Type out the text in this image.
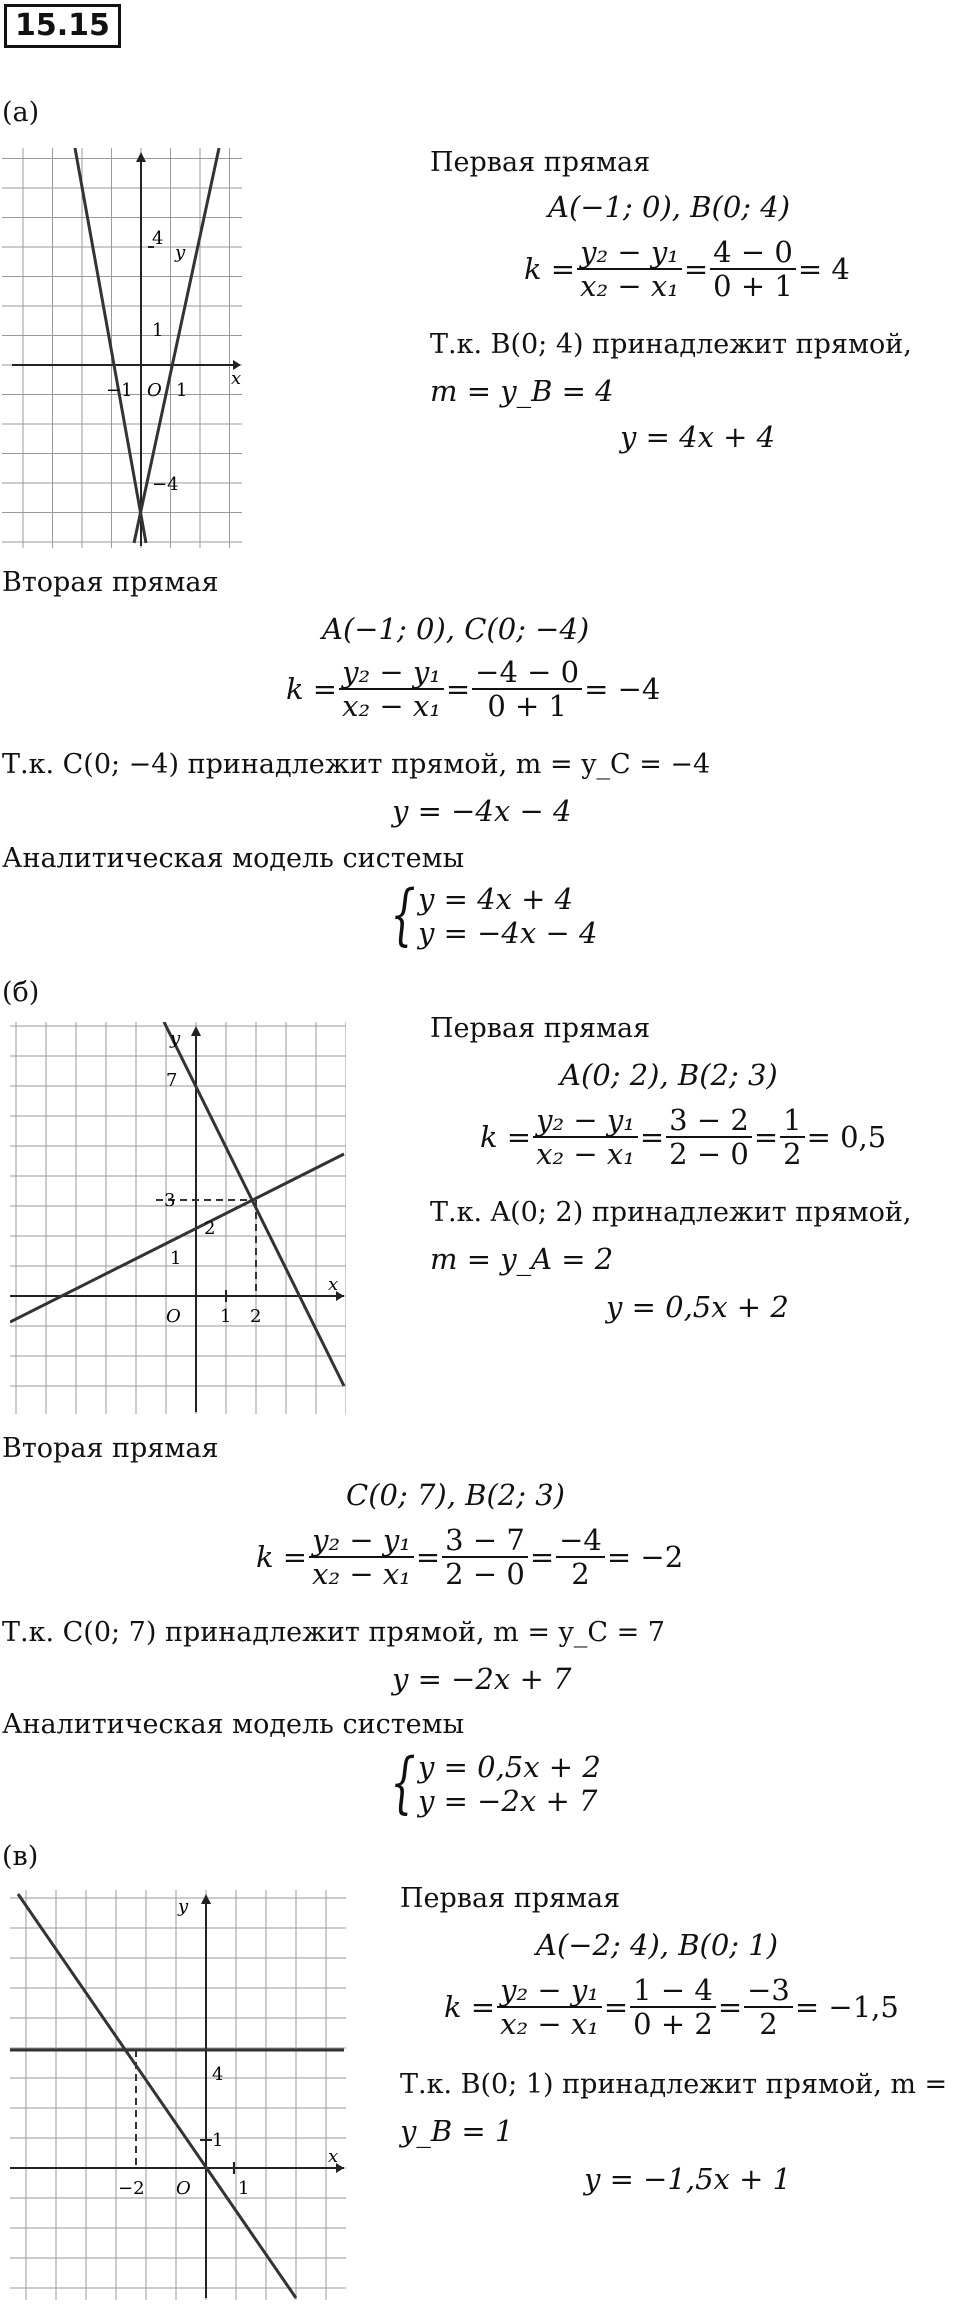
15.15
(а)
y
x
O
4
1
−1 1
−4
Первая прямая
A(−1; 0), B(0; 4)
$k = \frac{\text{y₂ − y₁}}{\text{x₂ − x₁}} = \frac{4 - 0}{0 + 1} = 4$
Т.к. B(0; 4) принадлежит прямой,
m = y_B = 4
y = 4x + 4
Вторая прямая
A(−1; 0), C(0; −4)
$k = \frac{\text{y₂ − y₁}}{\text{x₂ − x₁}} = \frac{-4 - 0}{0 + 1} = -4$
Т.к. C(0; −4) принадлежит прямой, m = y_C = −4
y = −4x − 4
Аналитическая модель системы
{ y = 4x + 4
y = −4x − 4
(б)
y
x
O
7
3
2
1
1 2
Первая прямая
A(0; 2), B(2; 3)
$k = \frac{\text{y₂ − y₁}}{\text{x₂ − x₁}} = \frac{3 - 2}{2 - 0} = \frac{1}{2} = 0,5$
Т.к. A(0; 2) принадлежит прямой,
m = y_A = 2
y = 0,5x + 2
Вторая прямая
C(0; 7), B(2; 3)
$k = \frac{\text{y₂ − y₁}}{\text{x₂ − x₁}} = \frac{3 - 7}{2 - 0} = \frac{-4}{2} = -2$
Т.к. C(0; 7) принадлежит прямой, m = y_C = 7
y = −2x + 7
Аналитическая модель системы
{ y = 0,5x + 2
y = −2x + 7
(в)
y
x
O
4
1
−2	1
Первая прямая
A(−2; 4), B(0; 1)
$k = \frac{\text{y₂ − y₁}}{\text{x₂ − x₁}} = \frac{1 - 4}{0 + 2} = \frac{-3}{2} = -1,5$
Т.к. B(0; 1) принадлежит прямой, m =
y_B = 1
y = −1,5x + 1
